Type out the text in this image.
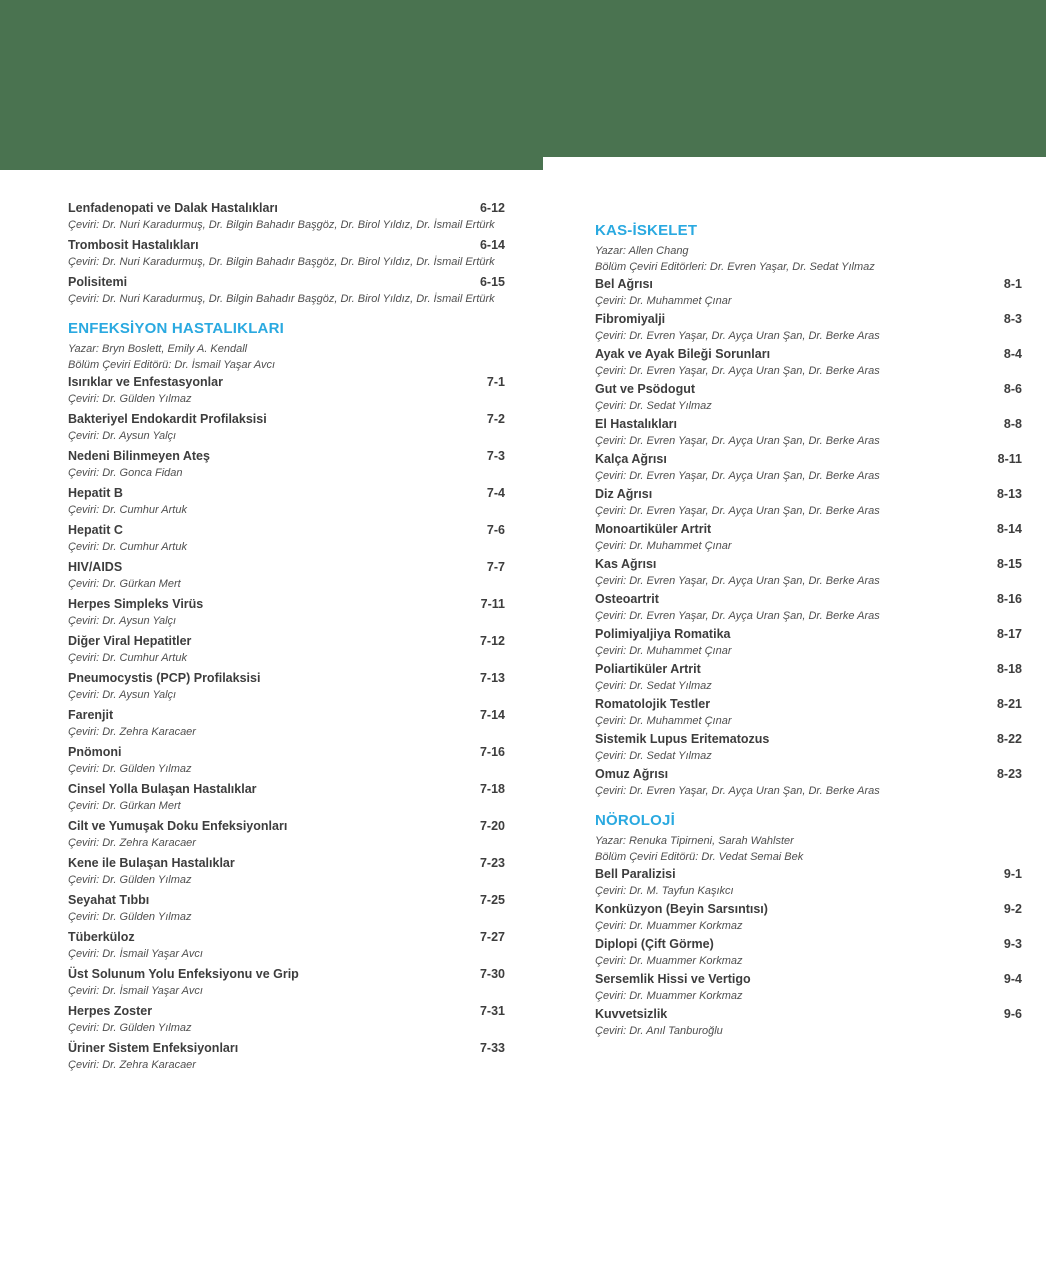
Lenfadenopati ve Dalak Hastalıkları	6-12
Çeviri: Dr. Nuri Karadurmuş, Dr. Bilgin Bahadır Başgöz, Dr. Birol Yıldız, Dr. İsmail Ertürk
Trombosit Hastalıkları	6-14
Çeviri: Dr. Nuri Karadurmuş, Dr. Bilgin Bahadır Başgöz, Dr. Birol Yıldız, Dr. İsmail Ertürk
Polisitemi	6-15
Çeviri: Dr. Nuri Karadurmuş, Dr. Bilgin Bahadır Başgöz, Dr. Birol Yıldız, Dr. İsmail Ertürk
ENFEKSİYON HASTALIKLARI
Yazar: Bryn Boslett, Emily A. Kendall
Bölüm Çeviri Editörü: Dr. İsmail Yaşar Avcı
Isırıklar ve Enfestasyonlar	7-1
Çeviri: Dr. Gülden Yılmaz
Bakteriyel Endokardit Profilaksisi	7-2
Çeviri: Dr. Aysun Yalçı
Nedeni Bilinmeyen Ateş	7-3
Çeviri: Dr. Gonca Fidan
Hepatit B	7-4
Çeviri: Dr. Cumhur Artuk
Hepatit C	7-6
Çeviri: Dr. Cumhur Artuk
HIV/AIDS	7-7
Çeviri: Dr. Gürkan Mert
Herpes Simpleks Virüs	7-11
Çeviri: Dr. Aysun Yalçı
Diğer Viral Hepatitler	7-12
Çeviri: Dr. Cumhur Artuk
Pneumocystis (PCP) Profilaksisi	7-13
Çeviri: Dr. Aysun Yalçı
Farenjit	7-14
Çeviri: Dr. Zehra Karacaer
Pnömoni	7-16
Çeviri: Dr. Gülden Yılmaz
Cinsel Yolla Bulaşan Hastalıklar	7-18
Çeviri: Dr. Gürkan Mert
Cilt ve Yumuşak Doku Enfeksiyonları	7-20
Çeviri: Dr. Zehra Karacaer
Kene ile Bulaşan Hastalıklar	7-23
Çeviri: Dr. Gülden Yılmaz
Seyahat Tıbbı	7-25
Çeviri: Dr. Gülden Yılmaz
Tüberküloz	7-27
Çeviri: Dr. İsmail Yaşar Avcı
Üst Solunum Yolu Enfeksiyonu ve Grip	7-30
Çeviri: Dr. İsmail Yaşar Avcı
Herpes Zoster	7-31
Çeviri: Dr. Gülden Yılmaz
Üriner Sistem Enfeksiyonları	7-33
Çeviri: Dr. Zehra Karacaer
KAS-İSKELET
Yazar: Allen Chang
Bölüm Çeviri Editörleri: Dr. Evren Yaşar, Dr. Sedat Yılmaz
Bel Ağrısı	8-1
Çeviri: Dr. Muhammet Çınar
Fibromiyalji	8-3
Çeviri: Dr. Evren Yaşar, Dr. Ayça Uran Şan, Dr. Berke Aras
Ayak ve Ayak Bileği Sorunları	8-4
Çeviri: Dr. Evren Yaşar, Dr. Ayça Uran Şan, Dr. Berke Aras
Gut ve Psödogut	8-6
Çeviri: Dr. Sedat Yılmaz
El Hastalıkları	8-8
Çeviri: Dr. Evren Yaşar, Dr. Ayça Uran Şan, Dr. Berke Aras
Kalça Ağrısı	8-11
Çeviri: Dr. Evren Yaşar, Dr. Ayça Uran Şan, Dr. Berke Aras
Diz Ağrısı	8-13
Çeviri: Dr. Evren Yaşar, Dr. Ayça Uran Şan, Dr. Berke Aras
Monoartiküler Artrit	8-14
Çeviri: Dr. Muhammet Çınar
Kas Ağrısı	8-15
Çeviri: Dr. Evren Yaşar, Dr. Ayça Uran Şan, Dr. Berke Aras
Osteoartrit	8-16
Çeviri: Dr. Evren Yaşar, Dr. Ayça Uran Şan, Dr. Berke Aras
Polimiyaljiya Romatika	8-17
Çeviri: Dr. Muhammet Çınar
Poliartiküler Artrit	8-18
Çeviri: Dr. Sedat Yılmaz
Romatolojik Testler	8-21
Çeviri: Dr. Muhammet Çınar
Sistemik Lupus Eritematozus	8-22
Çeviri: Dr. Sedat Yılmaz
Omuz Ağrısı	8-23
Çeviri: Dr. Evren Yaşar, Dr. Ayça Uran Şan, Dr. Berke Aras
NÖROLOJİ
Yazar: Renuka Tipirneni, Sarah Wahlster
Bölüm Çeviri Editörü: Dr. Vedat Semai Bek
Bell Paralizisi	9-1
Çeviri: Dr. M. Tayfun Kaşıkcı
Konküzyon (Beyin Sarsıntısı)	9-2
Çeviri: Dr. Muammer Korkmaz
Diplopi (Çift Görme)	9-3
Çeviri: Dr. Muammer Korkmaz
Sersemlik Hissi ve Vertigo	9-4
Çeviri: Dr. Muammer Korkmaz
Kuvvetsizlik	9-6
Çeviri: Dr. Anıl Tanburoğlu
